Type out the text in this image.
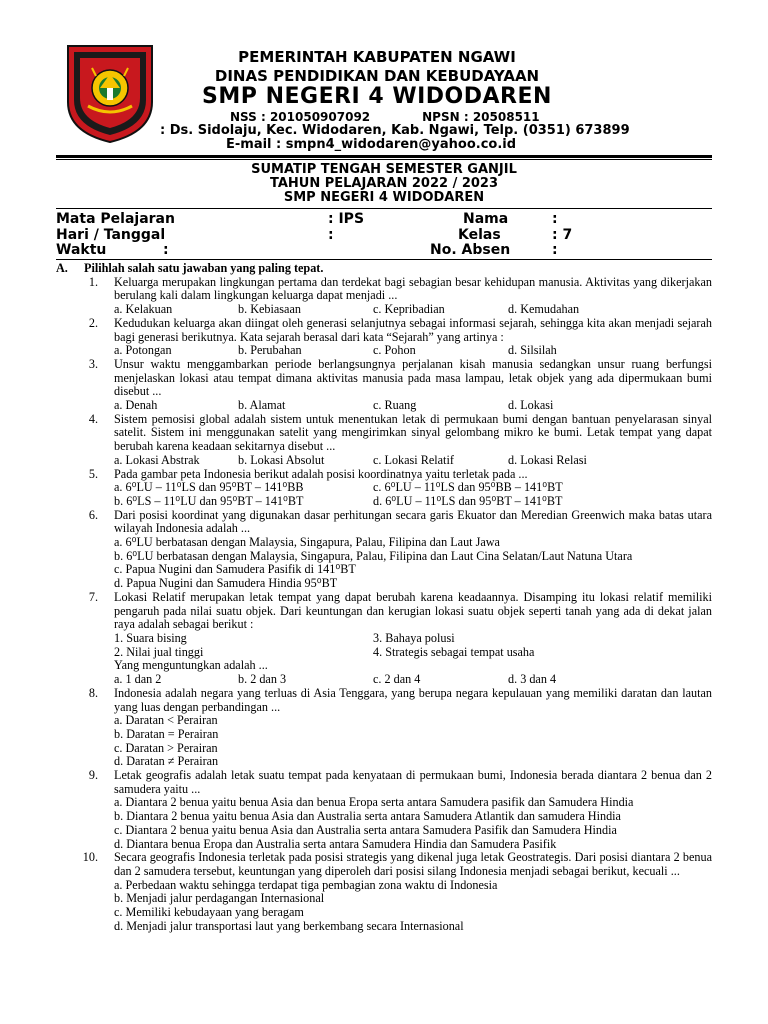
PEMERINTAH KABUPATEN NGAWI
DINAS PENDIDIKAN DAN KEBUDAYAAN
SMP NEGERI 4 WIDODAREN
NSS : 201050907092	NPSN : 20508511
: Ds. Sidolaju, Kec. Widodaren, Kab. Ngawi, Telp. (0351) 673899
E-mail : smpn4_widodaren@yahoo.co.id
SUMATIP TENGAH SEMESTER GANJIL
TAHUN PELAJARAN 2022 / 2023
SMP NEGERI 4 WIDODAREN
Mata Pelajaran	: IPS	Nama	:
Hari / Tanggal	:	Kelas	: 7
Waktu	:	No. Absen	:
A.	Pilihlah salah satu jawaban yang paling tepat.
1.	Keluarga merupakan lingkungan pertama dan terdekat bagi sebagian besar kehidupan manusia. Aktivitas yang dikerjakan berulang kali dalam lingkungan keluarga dapat menjadi ...
a. Kelakuan	b. Kebiasaan	c. Kepribadian	d. Kemudahan
2.	Kedudukan keluarga akan diingat oleh generasi selanjutnya sebagai informasi sejarah, sehingga kita akan menjadi sejarah bagi generasi berikutnya. Kata sejarah berasal dari kata “Sejarah” yang artinya :
a. Potongan	b. Perubahan	c. Pohon	d. Silsilah
3.	Unsur waktu menggambarkan periode berlangsungnya perjalanan kisah manusia sedangkan unsur ruang berfungsi menjelaskan lokasi atau tempat dimana aktivitas manusia pada masa lampau, letak objek yang ada dipermukaan bumi disebut ...
a. Denah	b. Alamat	c. Ruang	d. Lokasi
4.	Sistem pemosisi global adalah sistem untuk menentukan letak di permukaan bumi dengan bantuan penyelarasan sinyal satelit. Sistem ini menggunakan satelit yang mengirimkan sinyal gelombang mikro ke bumi. Letak tempat yang dapat berubah karena keadaan sekitarnya disebut ...
a. Lokasi Abstrak	b. Lokasi Absolut	c. Lokasi Relatif	d. Lokasi Relasi
5.	Pada gambar peta Indonesia berikut adalah posisi koordinatnya yaitu terletak pada ...
a. 6⁰LU – 11⁰LS dan 95⁰BT – 141⁰BB	c. 6⁰LU – 11⁰LS dan 95⁰BB – 141⁰BT
b. 6⁰LS – 11⁰LU dan 95⁰BT – 141⁰BT	d. 6⁰LU – 11⁰LS dan 95⁰BT – 141⁰BT
6.	Dari posisi koordinat yang digunakan dasar perhitungan secara garis Ekuator dan Meredian Greenwich maka batas utara wilayah Indonesia adalah ...
a. 6⁰LU berbatasan dengan Malaysia, Singapura, Palau, Filipina dan Laut Jawa
b. 6⁰LU berbatasan dengan Malaysia, Singapura, Palau, Filipina dan Laut Cina Selatan/Laut Natuna Utara
c. Papua Nugini dan Samudera Pasifik di 141⁰BT
d. Papua Nugini dan Samudera Hindia 95⁰BT
7.	Lokasi Relatif merupakan letak tempat yang dapat berubah karena keadaannya. Disamping itu lokasi relatif memiliki pengaruh pada nilai suatu objek. Dari keuntungan dan kerugian lokasi suatu objek seperti tanah yang ada di dekat jalan raya adalah sebagai berikut :
1. Suara bising	3. Bahaya polusi
2. Nilai jual tinggi	4. Strategis sebagai tempat usaha
Yang menguntungkan adalah ...
a. 1 dan 2	b. 2 dan 3	c. 2 dan 4	d. 3 dan 4
8.	Indonesia adalah negara yang terluas di Asia Tenggara, yang berupa negara kepulauan yang memiliki daratan dan lautan yang luas dengan perbandingan ...
a. Daratan < Perairan
b. Daratan = Perairan
c. Daratan > Perairan
d. Daratan ≠ Perairan
9.	Letak geografis adalah letak suatu tempat pada kenyataan di permukaan bumi, Indonesia berada diantara 2 benua dan 2 samudera yaitu ...
a. Diantara 2 benua yaitu benua Asia dan benua Eropa serta antara Samudera pasifik dan Samudera Hindia
b. Diantara 2 benua yaitu benua Asia dan Australia serta antara Samudera Atlantik dan samudera Hindia
c. Diantara 2 benua yaitu benua Asia dan Australia serta antara Samudera Pasifik dan Samudera Hindia
d. Diantara benua Eropa dan Australia serta antara Samudera Hindia dan Samudera Pasifik
10.	Secara geografis Indonesia terletak pada posisi strategis yang dikenal juga letak Geostrategis. Dari posisi diantara 2 benua dan 2 samudera tersebut, keuntungan yang diperoleh dari posisi silang Indonesia menjadi sebagai berikut, kecuali ...
a. Perbedaan waktu sehingga terdapat tiga pembagian zona waktu di Indonesia
b. Menjadi jalur perdagangan Internasional
c. Memiliki kebudayaan yang beragam
d. Menjadi jalur transportasi laut yang berkembang secara Internasional
